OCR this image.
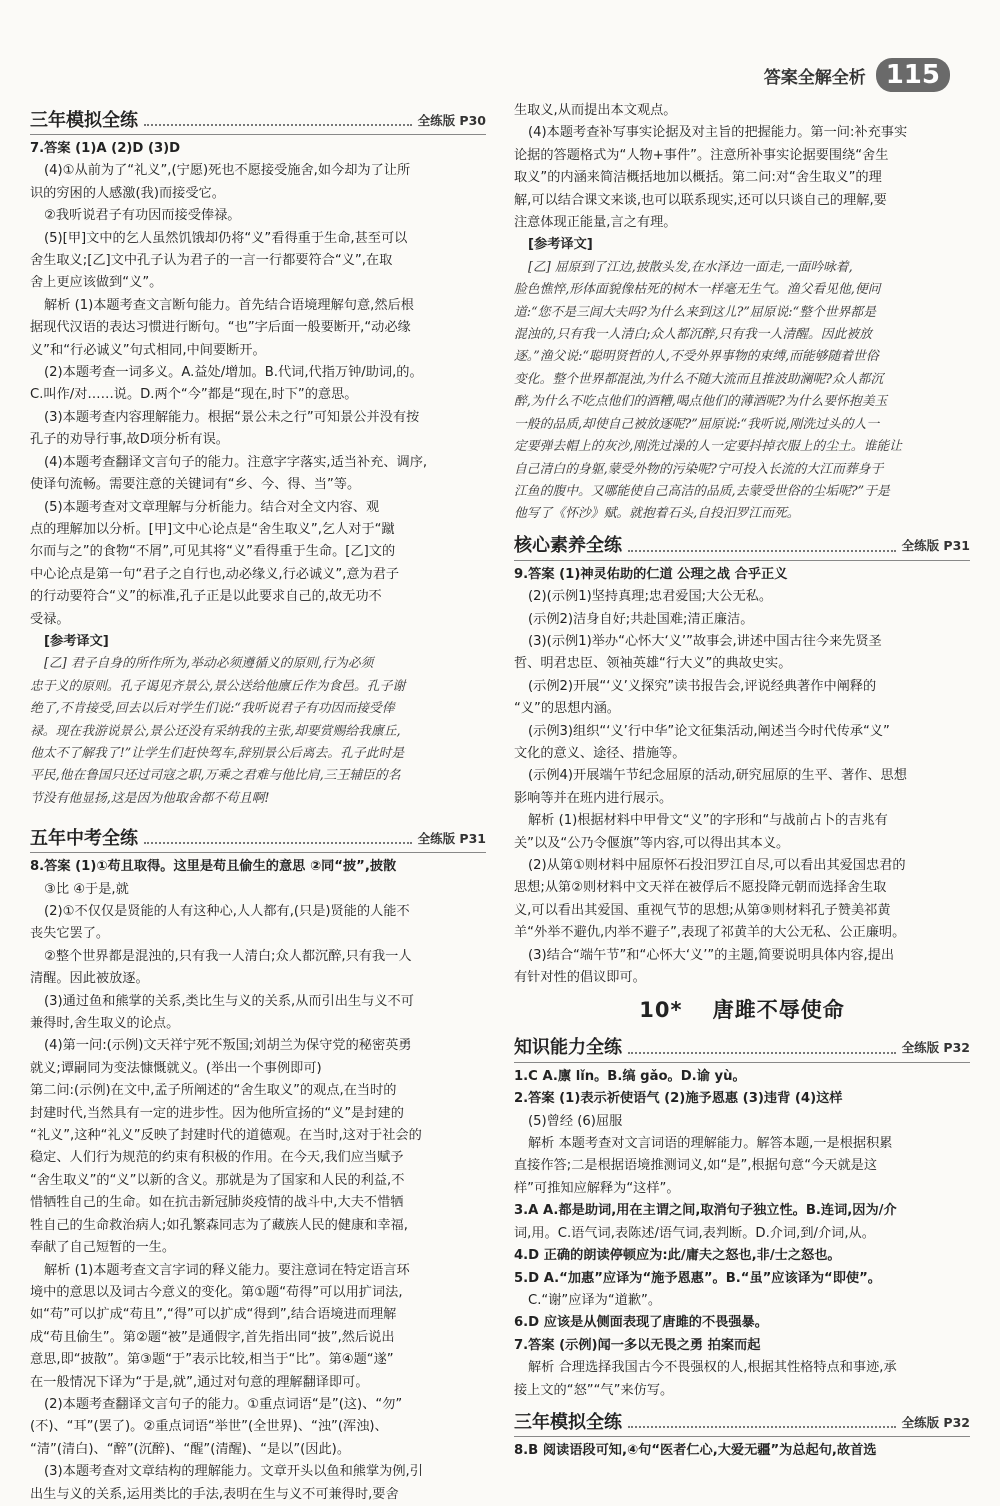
答案全解全析 115
三年模拟全练	全练版 P30

7.答案 (1)A (2)D (3)D

(4)①从前为了“礼义”,(宁愿)死也不愿接受施舍,如今却为了让所

识的穷困的人感激(我)而接受它。

②我听说君子有功因而接受俸禄。

(5)[甲]文中的乞人虽然饥饿却仍将“义”看得重于生命,甚至可以

舍生取义;[乙]文中孔子认为君子的一言一行都要符合“义”,在取

舍上更应该做到“义”。

解析 (1)本题考查文言断句能力。首先结合语境理解句意,然后根

据现代汉语的表达习惯进行断句。“也”字后面一般要断开,“动必缘

义”和“行必诚义”句式相同,中间要断开。

(2)本题考查一词多义。A.益处/增加。B.代词,代指万钟/助词,的。

C.叫作/对……说。D.两个“今”都是“现在,时下”的意思。

(3)本题考查内容理解能力。根据“景公未之行”可知景公并没有按

孔子的劝导行事,故D项分析有误。

(4)本题考查翻译文言句子的能力。注意字字落实,适当补充、调序,

使译句流畅。需要注意的关键词有“乡、今、得、当”等。

(5)本题考查对文章理解与分析能力。结合对全文内容、观

点的理解加以分析。[甲]文中心论点是“舍生取义”,乞人对于“蹴

尔而与之”的食物“不屑”,可见其将“义”看得重于生命。[乙]文的

中心论点是第一句“君子之自行也,动必缘义,行必诚义”,意为君子

的行动要符合“义”的标准,孔子正是以此要求自己的,故无功不

受禄。

[参考译文]

[乙] 君子自身的所作所为,举动必须遵循义的原则,行为必须

忠于义的原则。孔子谒见齐景公,景公送给他廪丘作为食邑。孔子谢

绝了,不肯接受,回去以后对学生们说:“我听说君子有功因而接受俸

禄。现在我游说景公,景公还没有采纳我的主张,却要赏赐给我廪丘,

他太不了解我了!”让学生们赶快驾车,辞别景公后离去。孔子此时是

平民,他在鲁国只还过司寇之职,万乘之君难与他比肩,三王辅臣的名

节没有他显扬,这是因为他取舍都不苟且啊!

五年中考全练	全练版 P31

8.答案 (1)①苟且取得。这里是苟且偷生的意思 ②同“披”,披散

③比 ④于是,就

(2)①不仅仅是贤能的人有这种心,人人都有,(只是)贤能的人能不

丧失它罢了。

②整个世界都是混浊的,只有我一人清白;众人都沉醉,只有我一人

清醒。因此被放逐。

(3)通过鱼和熊掌的关系,类比生与义的关系,从而引出生与义不可

兼得时,舍生取义的论点。

(4)第一问:(示例)文天祥宁死不叛国;刘胡兰为保守党的秘密英勇

就义;谭嗣同为变法慷慨就义。(举出一个事例即可)

第二问:(示例)在文中,孟子所阐述的“舍生取义”的观点,在当时的

封建时代,当然具有一定的进步性。因为他所宣扬的“义”是封建的

“礼义”,这种“礼义”反映了封建时代的道德观。在当时,这对于社会的

稳定、人们行为规范的约束有积极的作用。在今天,我们应当赋予

“舍生取义”的“义”以新的含义。那就是为了国家和人民的利益,不

惜牺牲自己的生命。如在抗击新冠肺炎疫情的战斗中,大夫不惜牺

牲自己的生命救治病人;如孔繁森同志为了藏族人民的健康和幸福,

奉献了自己短暂的一生。

解析 (1)本题考查文言字词的释义能力。要注意词在特定语言环

境中的意思以及词古今意义的变化。第①题“苟得”可以用扩词法,

如“苟”可以扩成“苟且”,“得”可以扩成“得到”,结合语境进而理解

成“苟且偷生”。第②题“被”是通假字,首先指出同“披”,然后说出

意思,即“披散”。第③题“于”表示比较,相当于“比”。第④题“遂”

在一般情况下译为“于是,就”,通过对句意的理解翻译即可。

(2)本题考查翻译文言句子的能力。①重点词语“是”(这)、“勿”

(不)、“耳”(罢了)。②重点词语“举世”(全世界)、“浊”(浑浊)、

“清”(清白)、“醉”(沉醉)、“醒”(清醒)、“是以”(因此)。

(3)本题考查对文章结构的理解能力。文章开头以鱼和熊掌为例,引

出生与义的关系,运用类比的手法,表明在生与义不可兼得时,要舍

生取义,从而提出本文观点。

(4)本题考查补写事实论据及对主旨的把握能力。第一问:补充事实

论据的答题格式为“人物+事件”。注意所补事实论据要围绕“舍生

取义”的内涵来简洁概括地加以概括。第二问:对“舍生取义”的理

解,可以结合课文来谈,也可以联系现实,还可以只谈自己的理解,要

注意体现正能量,言之有理。

[参考译文]

[乙] 屈原到了江边,披散头发,在水泽边一面走,一面吟咏着,

脸色憔悴,形体面貌像枯死的树木一样毫无生气。渔父看见他,便问

道:“您不是三闾大夫吗?为什么来到这儿?”屈原说:“整个世界都是

混浊的,只有我一人清白;众人都沉醉,只有我一人清醒。因此被放

逐。”渔父说:“聪明贤哲的人,不受外界事物的束缚,而能够随着世俗

变化。整个世界都混浊,为什么不随大流而且推波助澜呢?众人都沉

醉,为什么不吃点他们的酒糟,喝点他们的薄酒呢?为什么要怀抱美玉

一般的品质,却使自己被放逐呢?”屈原说:“我听说,刚洗过头的人一

定要弹去帽上的灰沙,刚洗过澡的人一定要抖掉衣服上的尘土。谁能让

自己清白的身躯,蒙受外物的污染呢?宁可投入长流的大江而葬身于

江鱼的腹中。又哪能使自己高洁的品质,去蒙受世俗的尘垢呢?”于是

他写了《怀沙》赋。就抱着石头,自投汨罗江而死。

核心素养全练	全练版 P31

9.答案 (1)神灵佑助的仁道 公理之战 合乎正义

(2)(示例1)坚持真理;忠君爱国;大公无私。

(示例2)洁身自好;共赴国难;清正廉洁。

(3)(示例1)举办“心怀大‘义’”故事会,讲述中国古往今来先贤圣

哲、明君忠臣、领袖英雄“行大义”的典故史实。

(示例2)开展“‘义’义探究”读书报告会,评说经典著作中阐释的

“义”的思想内涵。

(示例3)组织“‘义’行中华”论文征集活动,阐述当今时代传承“义”

文化的意义、途径、措施等。

(示例4)开展端午节纪念屈原的活动,研究屈原的生平、著作、思想

影响等并在班内进行展示。

解析 (1)根据材料中甲骨文“义”的字形和“与战前占卜的吉兆有

关”以及“公乃令偃旗”等内容,可以得出其本义。

(2)从第①则材料中屈原怀石投汨罗江自尽,可以看出其爱国忠君的

思想;从第②则材料中文天祥在被俘后不愿投降元朝而选择舍生取

义,可以看出其爱国、重视气节的思想;从第③则材料孔子赞美祁黄

羊“外举不避仇,内举不避子”,表现了祁黄羊的大公无私、公正廉明。

(3)结合“端午节”和“心怀大‘义’”的主题,简要说明具体内容,提出

有针对性的倡议即可。

10* 唐雎不辱使命
知识能力全练	全练版 P32

1.C A.廪 lǐn。B.缟 gǎo。D.谕 yù。

2.答案 (1)表示祈使语气 (2)施予恩惠 (3)违背 (4)这样

(5)曾经 (6)屈服

解析 本题考查对文言词语的理解能力。解答本题,一是根据积累

直接作答;二是根据语境推测词义,如“是”,根据句意“今天就是这

样”可推知应解释为“这样”。

3.A A.都是助词,用在主谓之间,取消句子独立性。B.连词,因为/介

词,用。C.语气词,表陈述/语气词,表判断。D.介词,到/介词,从。

4.D 正确的朗读停顿应为:此/庸夫之怒也,非/士之怒也。

5.D A.“加惠”应译为“施予恩惠”。B.“虽”应该译为“即使”。

C.“谢”应译为“道歉”。

6.D 应该是从侧面表现了唐雎的不畏强暴。

7.答案 (示例)闻一多以无畏之勇 拍案而起

解析 合理选择我国古今不畏强权的人,根据其性格特点和事迹,承

接上文的“怒”“气”来仿写。

三年模拟全练	全练版 P32

8.B 阅读语段可知,④句“医者仁心,大爱无疆”为总起句,故首选
